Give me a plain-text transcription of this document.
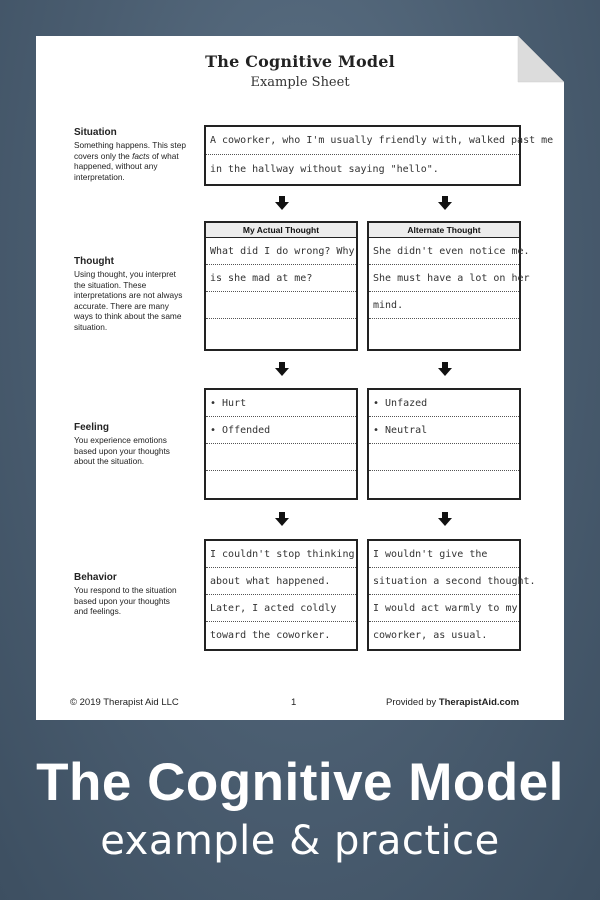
The Cognitive Model
Example Sheet
Situation
Something happens. This step covers only the facts of what happened, without any interpretation.
Thought
Using thought, you interpret the situation. These interpretations are not always accurate. There are many ways to think about the same situation.
Feeling
You experience emotions based upon your thoughts about the situation.
Behavior
You respond to the situation based upon your thoughts and feelings.
A coworker, who I'm usually friendly with, walked past me
in the hallway without saying "hello".
My Actual Thought
What did I do wrong? Why
is she mad at me?
Alternate Thought
She didn't even notice me.
She must have a lot on her
mind.
• Hurt
• Offended
• Unfazed
• Neutral
I couldn't stop thinking
about what happened.
Later, I acted coldly
toward the coworker.
I wouldn't give the
situation a second thought.
I would act warmly to my
coworker, as usual.
© 2019 Therapist Aid LLC	1	Provided by TherapistAid.com
The Cognitive Model
example & practice
